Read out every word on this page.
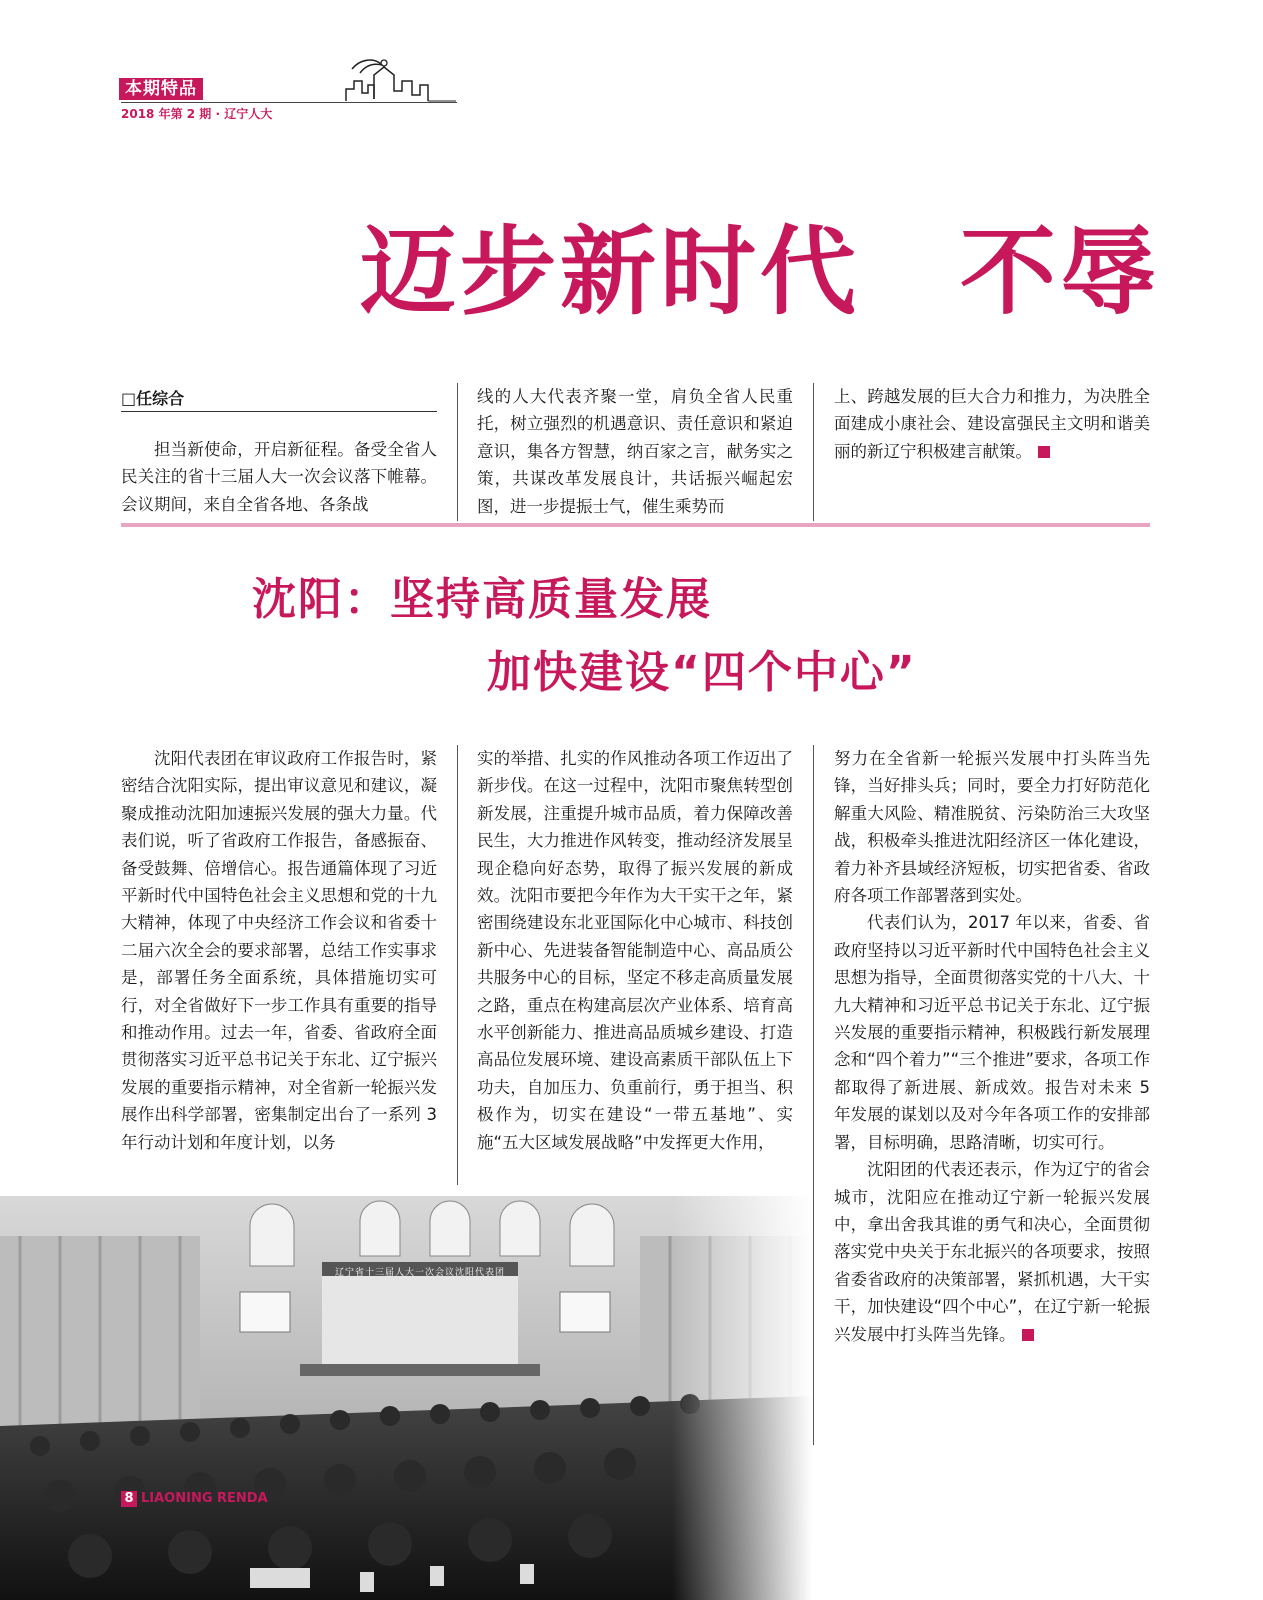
本期特品
2018 年第 2 期 · 辽宁人大
迈步新时代　不辱
□任综合

担当新使命，开启新征程。备受全省人民关注的省十三届人大一次会议落下帷幕。会议期间，来自全省各地、各条战

线的人大代表齐聚一堂，肩负全省人民重托，树立强烈的机遇意识、责任意识和紧迫意识，集各方智慧，纳百家之言，献务实之策，共谋改革发展良计，共话振兴崛起宏图，进一步提振士气，催生乘势而

上、跨越发展的巨大合力和推力，为决胜全面建成小康社会、建设富强民主文明和谐美丽的新辽宁积极建言献策。

沈阳：坚持高质量发展
加快建设“四个中心”

沈阳代表团在审议政府工作报告时，紧密结合沈阳实际，提出审议意见和建议，凝聚成推动沈阳加速振兴发展的强大力量。代表们说，听了省政府工作报告，备感振奋、备受鼓舞、倍增信心。报告通篇体现了习近平新时代中国特色社会主义思想和党的十九大精神，体现了中央经济工作会议和省委十二届六次全会的要求部署，总结工作实事求是，部署任务全面系统，具体措施切实可行，对全省做好下一步工作具有重要的指导和推动作用。过去一年，省委、省政府全面贯彻落实习近平总书记关于东北、辽宁振兴发展的重要指示精神，对全省新一轮振兴发展作出科学部署，密集制定出台了一系列 3 年行动计划和年度计划，以务

实的举措、扎实的作风推动各项工作迈出了新步伐。在这一过程中，沈阳市聚焦转型创新发展，注重提升城市品质，着力保障改善民生，大力推进作风转变，推动经济发展呈现企稳向好态势，取得了振兴发展的新成效。沈阳市要把今年作为大干实干之年，紧密围绕建设东北亚国际化中心城市、科技创新中心、先进装备智能制造中心、高品质公共服务中心的目标，坚定不移走高质量发展之路，重点在构建高层次产业体系、培育高水平创新能力、推进高品质城乡建设、打造高品位发展环境、建设高素质干部队伍上下功夫，自加压力、负重前行，勇于担当、积极作为，切实在建设“一带五基地”、实施“五大区域发展战略”中发挥更大作用，

努力在全省新一轮振兴发展中打头阵当先锋，当好排头兵；同时，要全力打好防范化解重大风险、精准脱贫、污染防治三大攻坚战，积极牵头推进沈阳经济区一体化建设，着力补齐县域经济短板，切实把省委、省政府各项工作部署落到实处。

代表们认为，2017 年以来，省委、省政府坚持以习近平新时代中国特色社会主义思想为指导，全面贯彻落实党的十八大、十九大精神和习近平总书记关于东北、辽宁振兴发展的重要指示精神，积极践行新发展理念和“四个着力”“三个推进”要求，各项工作都取得了新进展、新成效。报告对未来 5 年发展的谋划以及对今年各项工作的安排部署，目标明确，思路清晰，切实可行。

沈阳团的代表还表示，作为辽宁的省会城市，沈阳应在推动辽宁新一轮振兴发展中，拿出舍我其谁的勇气和决心，全面贯彻落实党中央关于东北振兴的各项要求，按照省委省政府的决策部署，紧抓机遇，大干实干，加快建设“四个中心”，在辽宁新一轮振兴发展中打头阵当先锋。

辽宁省十三届人大一次会议沈阳代表团
8 LIAONING RENDA
